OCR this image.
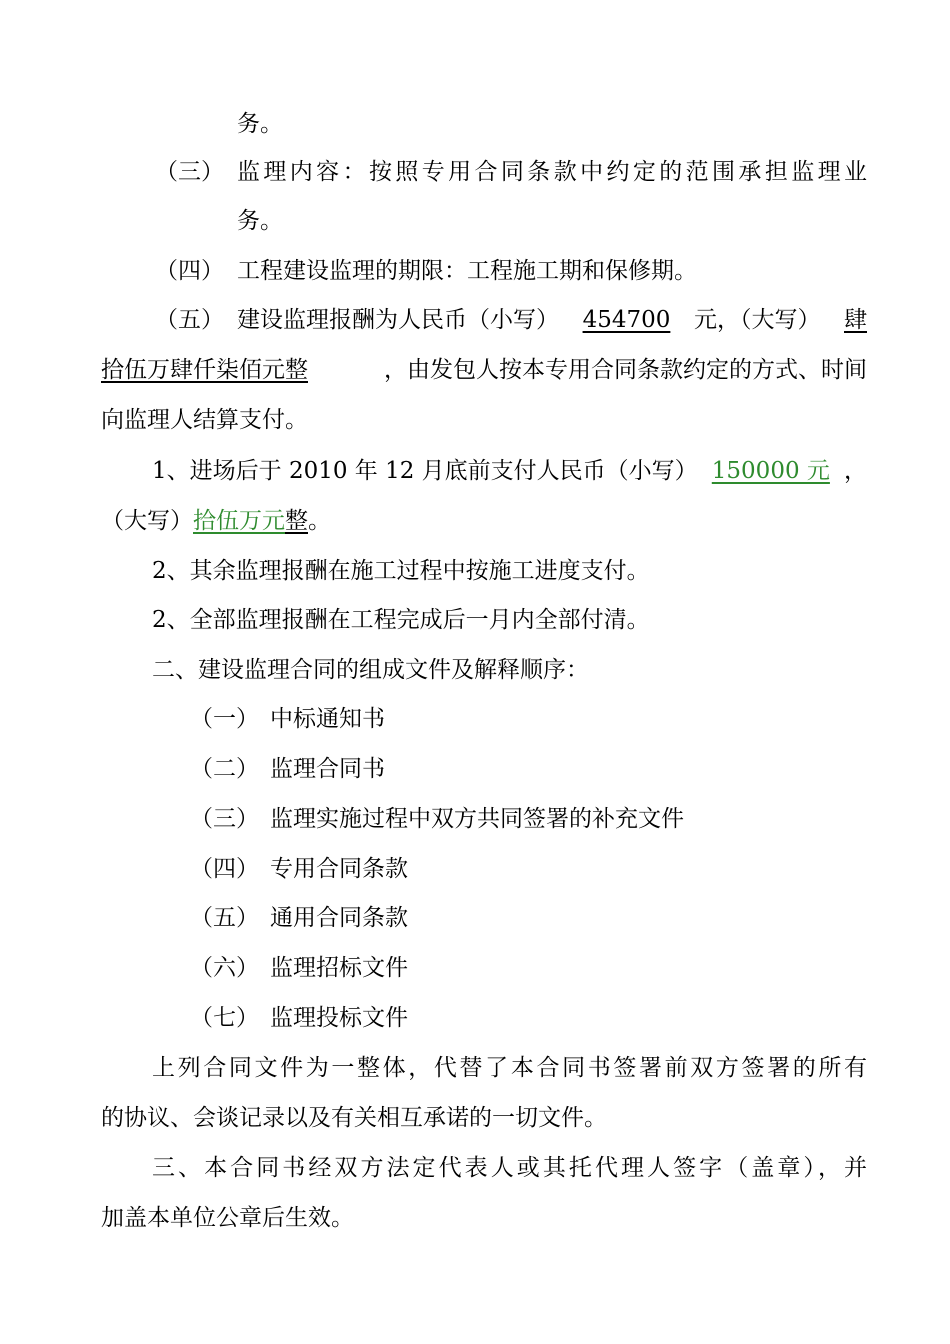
务。
（三） 监理内容：按照专用合同条款中约定的范围承担监理业
务。
（四） 工程建设监理的期限：工程施工期和保修期。
（五） 建设监理报酬为人民币（小写） 454700 元，（大写） 肆
拾伍万肆仟柒佰元整	，由发包人按本专用合同条款约定的方式、时间
向监理人结算支付。
1、进场后于 2010 年 12 月底前支付人民币（小写） 150000 元 ，
（大写）拾伍万元整。
2、其余监理报酬在施工过程中按施工进度支付。
2、全部监理报酬在工程完成后一月内全部付清。
二、建设监理合同的组成文件及解释顺序：
（一） 中标通知书
（二） 监理合同书
（三） 监理实施过程中双方共同签署的补充文件
（四） 专用合同条款
（五） 通用合同条款
（六） 监理招标文件
（七） 监理投标文件
上列合同文件为一整体，代替了本合同书签署前双方签署的所有
的协议、会谈记录以及有关相互承诺的一切文件。
三、本合同书经双方法定代表人或其托代理人签字（盖章），并
加盖本单位公章后生效。
